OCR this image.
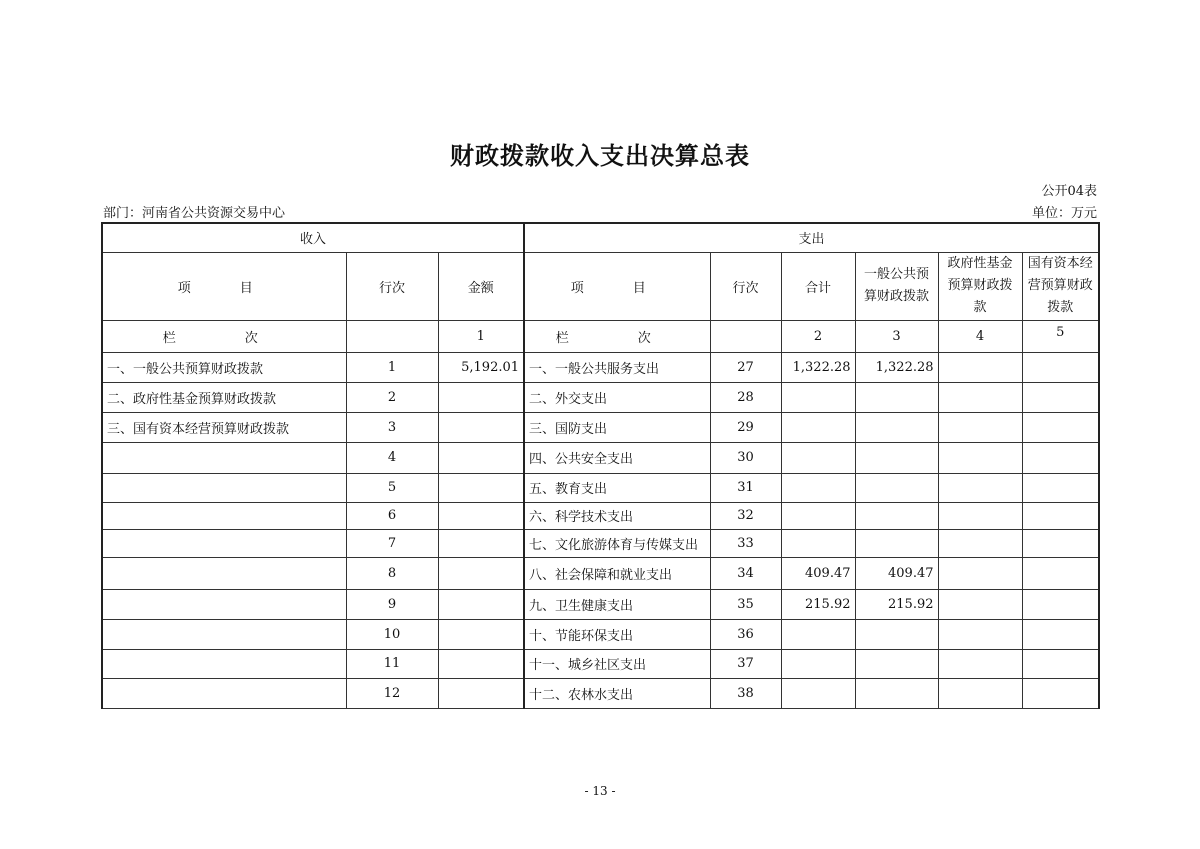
财政拨款收入支出决算总表
公开04表
部门：河南省公共资源交易中心	单位：万元
收入			支出					
项　目	行次	金额	项　目	行次	合计	一般公共预算财政拨款	政府性基金预算财政拨款	国有资本经营预算财政拨款
栏　次		1	栏　次		2	3	4	5
一、一般公共预算财政拨款	1	5,192.01	一、一般公共服务支出	27	1,322.28	1,322.28		
二、政府性基金预算财政拨款	2		二、外交支出	28				
三、国有资本经营预算财政拨款	3		三、国防支出	29				
	4		四、公共安全支出	30				
	5		五、教育支出	31				
	6		六、科学技术支出	32				
	7		七、文化旅游体育与传媒支出	33				
	8		八、社会保障和就业支出	34	409.47	409.47		
	9		九、卫生健康支出	35	215.92	215.92		
	10		十、节能环保支出	36				
	11		十一、城乡社区支出	37				
	12		十二、农林水支出	38				
- 13 -
